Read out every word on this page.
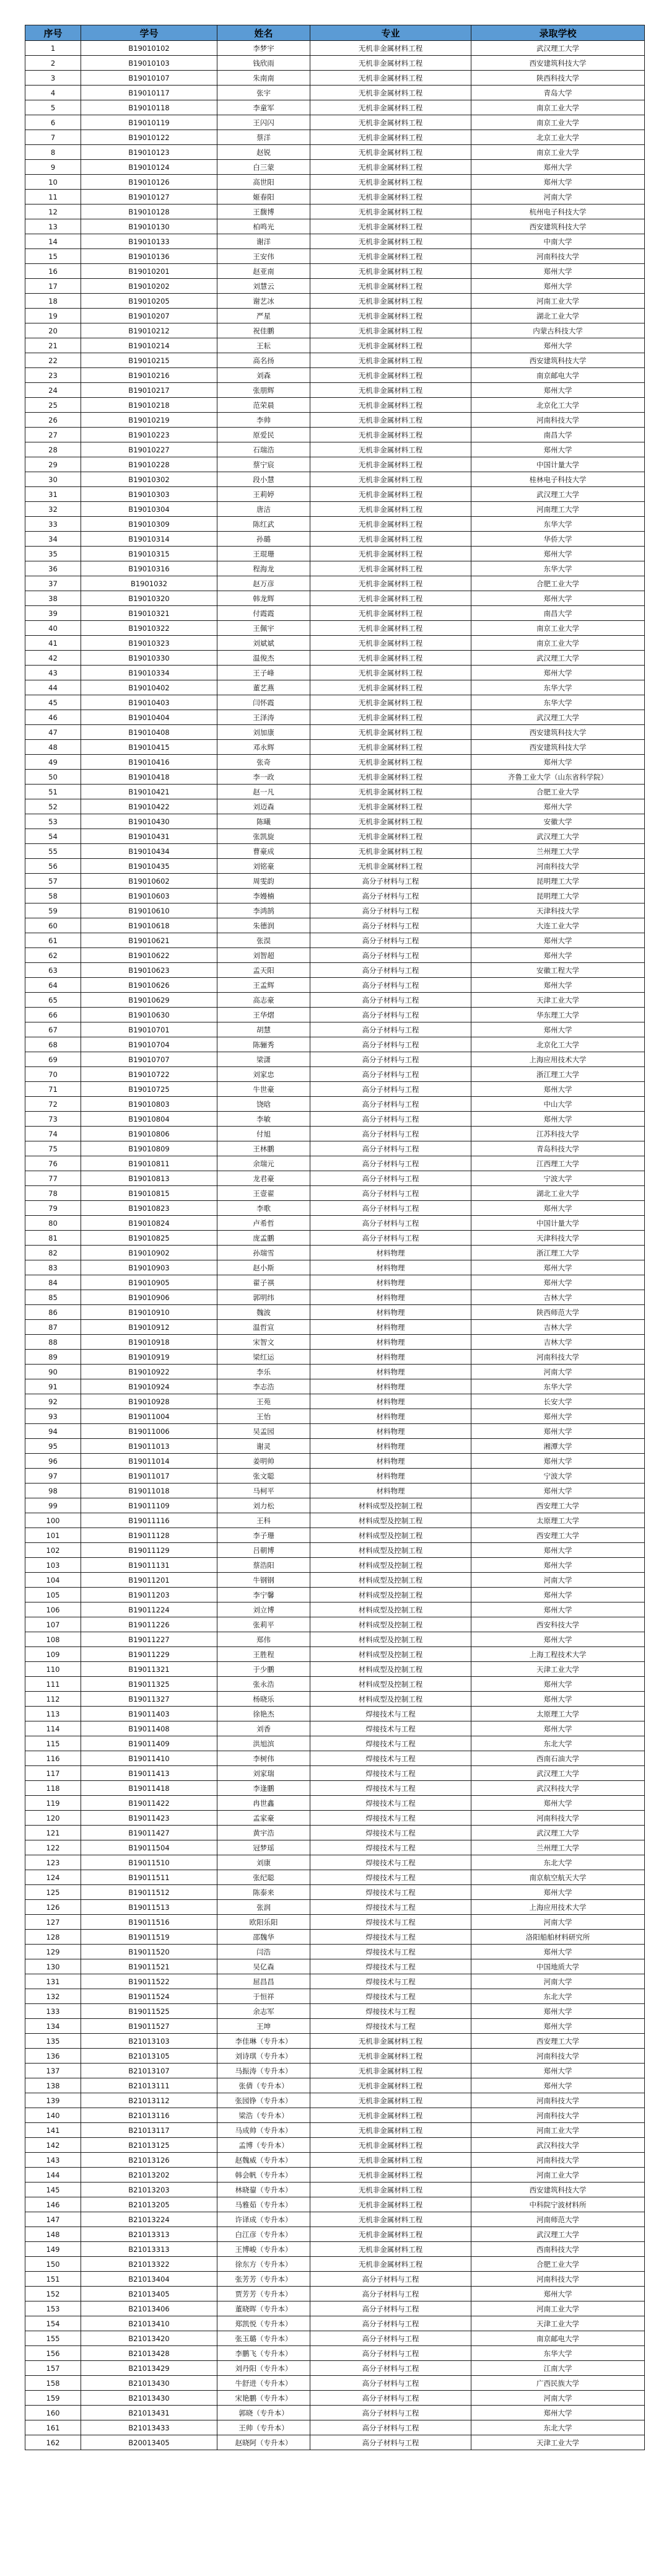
序号	学号	姓名	专业	录取学校
1	B19010102	李梦宇	无机非金属材料工程	武汉理工大学
2	B19010103	钱欣雨	无机非金属材料工程	西安建筑科技大学
3	B19010107	朱南南	无机非金属材料工程	陕西科技大学
4	B19010117	张宇	无机非金属材料工程	青岛大学
5	B19010118	李童军	无机非金属材料工程	南京工业大学
6	B19010119	王闪闪	无机非金属材料工程	南京工业大学
7	B19010122	蔡洋	无机非金属材料工程	北京工业大学
8	B19010123	赵锐	无机非金属材料工程	南京工业大学
9	B19010124	白三蒙	无机非金属材料工程	郑州大学
10	B19010126	高世阳	无机非金属材料工程	郑州大学
11	B19010127	姬春阳	无机非金属材料工程	河南大学
12	B19010128	王馥博	无机非金属材料工程	杭州电子科技大学
13	B19010130	柏鸣光	无机非金属材料工程	西安建筑科技大学
14	B19010133	谢洋	无机非金属材料工程	中南大学
15	B19010136	王安伟	无机非金属材料工程	河南科技大学
16	B19010201	赵亚南	无机非金属材料工程	郑州大学
17	B19010202	刘慧云	无机非金属材料工程	郑州大学
18	B19010205	谢艺冰	无机非金属材料工程	河南工业大学
19	B19010207	严星	无机非金属材料工程	湖北工业大学
20	B19010212	祝佳鹏	无机非金属材料工程	内蒙古科技大学
21	B19010214	王耘	无机非金属材料工程	郑州大学
22	B19010215	高名扬	无机非金属材料工程	西安建筑科技大学
23	B19010216	刘森	无机非金属材料工程	南京邮电大学
24	B19010217	张朋辉	无机非金属材料工程	郑州大学
25	B19010218	范荣晨	无机非金属材料工程	北京化工大学
26	B19010219	李帅	无机非金属材料工程	河南科技大学
27	B19010223	原爱民	无机非金属材料工程	南昌大学
28	B19010227	石瑞浩	无机非金属材料工程	郑州大学
29	B19010228	蔡宁宸	无机非金属材料工程	中国计量大学
30	B19010302	段小慧	无机非金属材料工程	桂林电子科技大学
31	B19010303	王莉婷	无机非金属材料工程	武汉理工大学
32	B19010304	唐洁	无机非金属材料工程	河南理工大学
33	B19010309	陈红武	无机非金属材料工程	东华大学
34	B19010314	孙璐	无机非金属材料工程	华侨大学
35	B19010315	王琨珊	无机非金属材料工程	郑州大学
36	B19010316	程海龙	无机非金属材料工程	东华大学
37	B1901032	赵万彦	无机非金属材料工程	合肥工业大学
38	B19010320	韩龙辉	无机非金属材料工程	郑州大学
39	B19010321	付霞霞	无机非金属材料工程	南昌大学
40	B19010322	王佩宇	无机非金属材料工程	南京工业大学
41	B19010323	刘斌斌	无机非金属材料工程	南京工业大学
42	B19010330	温俊杰	无机非金属材料工程	武汉理工大学
43	B19010334	王子峰	无机非金属材料工程	郑州大学
44	B19010402	董艺燕	无机非金属材料工程	东华大学
45	B19010403	闫怀霞	无机非金属材料工程	东华大学
46	B19010404	王泽涛	无机非金属材料工程	武汉理工大学
47	B19010408	刘加康	无机非金属材料工程	西安建筑科技大学
48	B19010415	邓永辉	无机非金属材料工程	西安建筑科技大学
49	B19010416	张奇	无机非金属材料工程	郑州大学
50	B19010418	李一政	无机非金属材料工程	齐鲁工业大学（山东省科学院）
51	B19010421	赵一凡	无机非金属材料工程	合肥工业大学
52	B19010422	刘迈森	无机非金属材料工程	郑州大学
53	B19010430	陈曦	无机非金属材料工程	安徽大学
54	B19010431	张凯旋	无机非金属材料工程	武汉理工大学
55	B19010434	曹豪成	无机非金属材料工程	兰州理工大学
56	B19010435	刘铭豪	无机非金属材料工程	河南科技大学
57	B19010602	周雯韵	高分子材料与工程	昆明理工大学
58	B19010603	李嫚楠	高分子材料与工程	昆明理工大学
59	B19010610	李鸿鹄	高分子材料与工程	天津科技大学
60	B19010618	朱德润	高分子材料与工程	大连工业大学
61	B19010621	张淏	高分子材料与工程	郑州大学
62	B19010622	刘智超	高分子材料与工程	郑州大学
63	B19010623	孟天阳	高分子材料与工程	安徽工程大学
64	B19010626	王孟辉	高分子材料与工程	郑州大学
65	B19010629	高志豪	高分子材料与工程	天津工业大学
66	B19010630	王华熠	高分子材料与工程	华东理工大学
67	B19010701	胡慧	高分子材料与工程	郑州大学
68	B19010704	陈骊秀	高分子材料与工程	北京化工大学
69	B19010707	梁潇	高分子材料与工程	上海应用技术大学
70	B19010722	刘家忠	高分子材料与工程	浙江理工大学
71	B19010725	牛世豪	高分子材料与工程	郑州大学
72	B19010803	饶晗	高分子材料与工程	中山大学
73	B19010804	李敏	高分子材料与工程	郑州大学
74	B19010806	付旭	高分子材料与工程	江苏科技大学
75	B19010809	王林鹏	高分子材料与工程	青岛科技大学
76	B19010811	余瑞元	高分子材料与工程	江西理工大学
77	B19010813	龙君豪	高分子材料与工程	宁波大学
78	B19010815	王壹翟	高分子材料与工程	湖北工业大学
79	B19010823	李歌	高分子材料与工程	郑州大学
80	B19010824	卢希哲	高分子材料与工程	中国计量大学
81	B19010825	庞孟鹏	高分子材料与工程	天津科技大学
82	B19010902	孙瑞雪	材料物理	浙江理工大学
83	B19010903	赵小斯	材料物理	郑州大学
84	B19010905	翟子祺	材料物理	郑州大学
85	B19010906	郭明纬	材料物理	吉林大学
86	B19010910	魏波	材料物理	陕西师范大学
87	B19010912	温哲宣	材料物理	吉林大学
88	B19010918	宋智文	材料物理	吉林大学
89	B19010919	梁红运	材料物理	河南科技大学
90	B19010922	李乐	材料物理	河南大学
91	B19010924	李志浩	材料物理	东华大学
92	B19010928	王苑	材料物理	长安大学
93	B19011004	王怡	材料物理	郑州大学
94	B19011006	吴孟园	材料物理	郑州大学
95	B19011013	谢灵	材料物理	湘潭大学
96	B19011014	姜明帅	材料物理	郑州大学
97	B19011017	张文聪	材料物理	宁波大学
98	B19011018	马柯平	材料物理	郑州大学
99	B19011109	刘力松	材料成型及控制工程	西安理工大学
100	B19011116	王科	材料成型及控制工程	太原理工大学
101	B19011128	李子珊	材料成型及控制工程	西安理工大学
102	B19011129	吕朝博	材料成型及控制工程	郑州大学
103	B19011131	蔡浩阳	材料成型及控制工程	郑州大学
104	B19011201	牛钢钢	材料成型及控制工程	河南大学
105	B19011203	李宁馨	材料成型及控制工程	郑州大学
106	B19011224	刘立博	材料成型及控制工程	郑州大学
107	B19011226	张莉平	材料成型及控制工程	西安科技大学
108	B19011227	郑伟	材料成型及控制工程	郑州大学
109	B19011229	王胜程	材料成型及控制工程	上海工程技术大学
110	B19011321	于少鹏	材料成型及控制工程	天津工业大学
111	B19011325	张永浩	材料成型及控制工程	郑州大学
112	B19011327	杨晓乐	材料成型及控制工程	郑州大学
113	B19011403	徐艳杰	焊接技术与工程	太原理工大学
114	B19011408	刘香	焊接技术与工程	郑州大学
115	B19011409	洪旭滨	焊接技术与工程	东北大学
116	B19011410	李树伟	焊接技术与工程	西南石油大学
117	B19011413	刘家瑞	焊接技术与工程	武汉理工大学
118	B19011418	李逢鹏	焊接技术与工程	武汉科技大学
119	B19011422	冉世鑫	焊接技术与工程	郑州大学
120	B19011423	孟家豪	焊接技术与工程	河南科技大学
121	B19011427	黄宇浩	焊接技术与工程	武汉理工大学
122	B19011504	冠梦瑶	焊接技术与工程	兰州理工大学
123	B19011510	刘康	焊接技术与工程	东北大学
124	B19011511	张纪聪	焊接技术与工程	南京航空航天大学
125	B19011512	陈泰来	焊接技术与工程	郑州大学
126	B19011513	张润	焊接技术与工程	上海应用技术大学
127	B19011516	欧阳乐阳	焊接技术与工程	河南大学
128	B19011519	邵魏华	焊接技术与工程	洛阳船舶材料研究所
129	B19011520	闫浩	焊接技术与工程	郑州大学
130	B19011521	吴亿森	焊接技术与工程	中国地质大学
131	B19011522	屈昌昌	焊接技术与工程	河南大学
132	B19011524	于恒祥	焊接技术与工程	东北大学
133	B19011525	余志军	焊接技术与工程	郑州大学
134	B19011527	王坤	焊接技术与工程	郑州大学
135	B21013103	李佳琳（专升本）	无机非金属材料工程	西安理工大学
136	B21013105	刘诗琪（专升本）	无机非金属材料工程	河南科技大学
137	B21013107	马振涛（专升本）	无机非金属材料工程	郑州大学
138	B21013111	张倩（专升本）	无机非金属材料工程	郑州大学
139	B21013112	张园铮（专升本）	无机非金属材料工程	河南科技大学
140	B21013116	梁浩（专升本）	无机非金属材料工程	河南科技大学
141	B21013117	马成帅（专升本）	无机非金属材料工程	河南工业大学
142	B21013125	孟博（专升本）	无机非金属材料工程	武汉科技大学
143	B21013126	赵魏威（专升本）	无机非金属材料工程	河南科技大学
144	B21013202	韩会帆（专升本）	无机非金属材料工程	河南工业大学
145	B21013203	林晓鋆（专升本）	无机非金属材料工程	西安建筑科技大学
146	B21013205	马雅茹（专升本）	无机非金属材料工程	中科院宁波材料所
147	B21013224	许译成（专升本）	无机非金属材料工程	河南师范大学
148	B21013313	白江彦（专升本）	无机非金属材料工程	武汉理工大学
149	B21013313	王博峻（专升本）	无机非金属材料工程	西南科技大学
150	B21013322	徐东方（专升本）	无机非金属材料工程	合肥工业大学
151	B21013404	张芳芳（专升本）	高分子材料与工程	河南科技大学
152	B21013405	贾芳芳（专升本）	高分子材料与工程	郑州大学
153	B21013406	董晓晖（专升本）	高分子材料与工程	河南工业大学
154	B21013410	郑凯悦（专升本）	高分子材料与工程	天津工业大学
155	B21013420	张玉璐（专升本）	高分子材料与工程	南京邮电大学
156	B21013428	李鹏飞（专升本）	高分子材料与工程	东华大学
157	B21013429	刘丹阳（专升本）	高分子材料与工程	江南大学
158	B21013430	牛舒进（专升本）	高分子材料与工程	广西民族大学
159	B21013430	宋艳鹏（专升本）	高分子材料与工程	河南大学
160	B21013431	郭晓（专升本）	高分子材料与工程	郑州大学
161	B21013433	王帅（专升本）	高分子材料与工程	东北大学
162	B20013405	赵晓阿（专升本）	高分子材料与工程	天津工业大学
